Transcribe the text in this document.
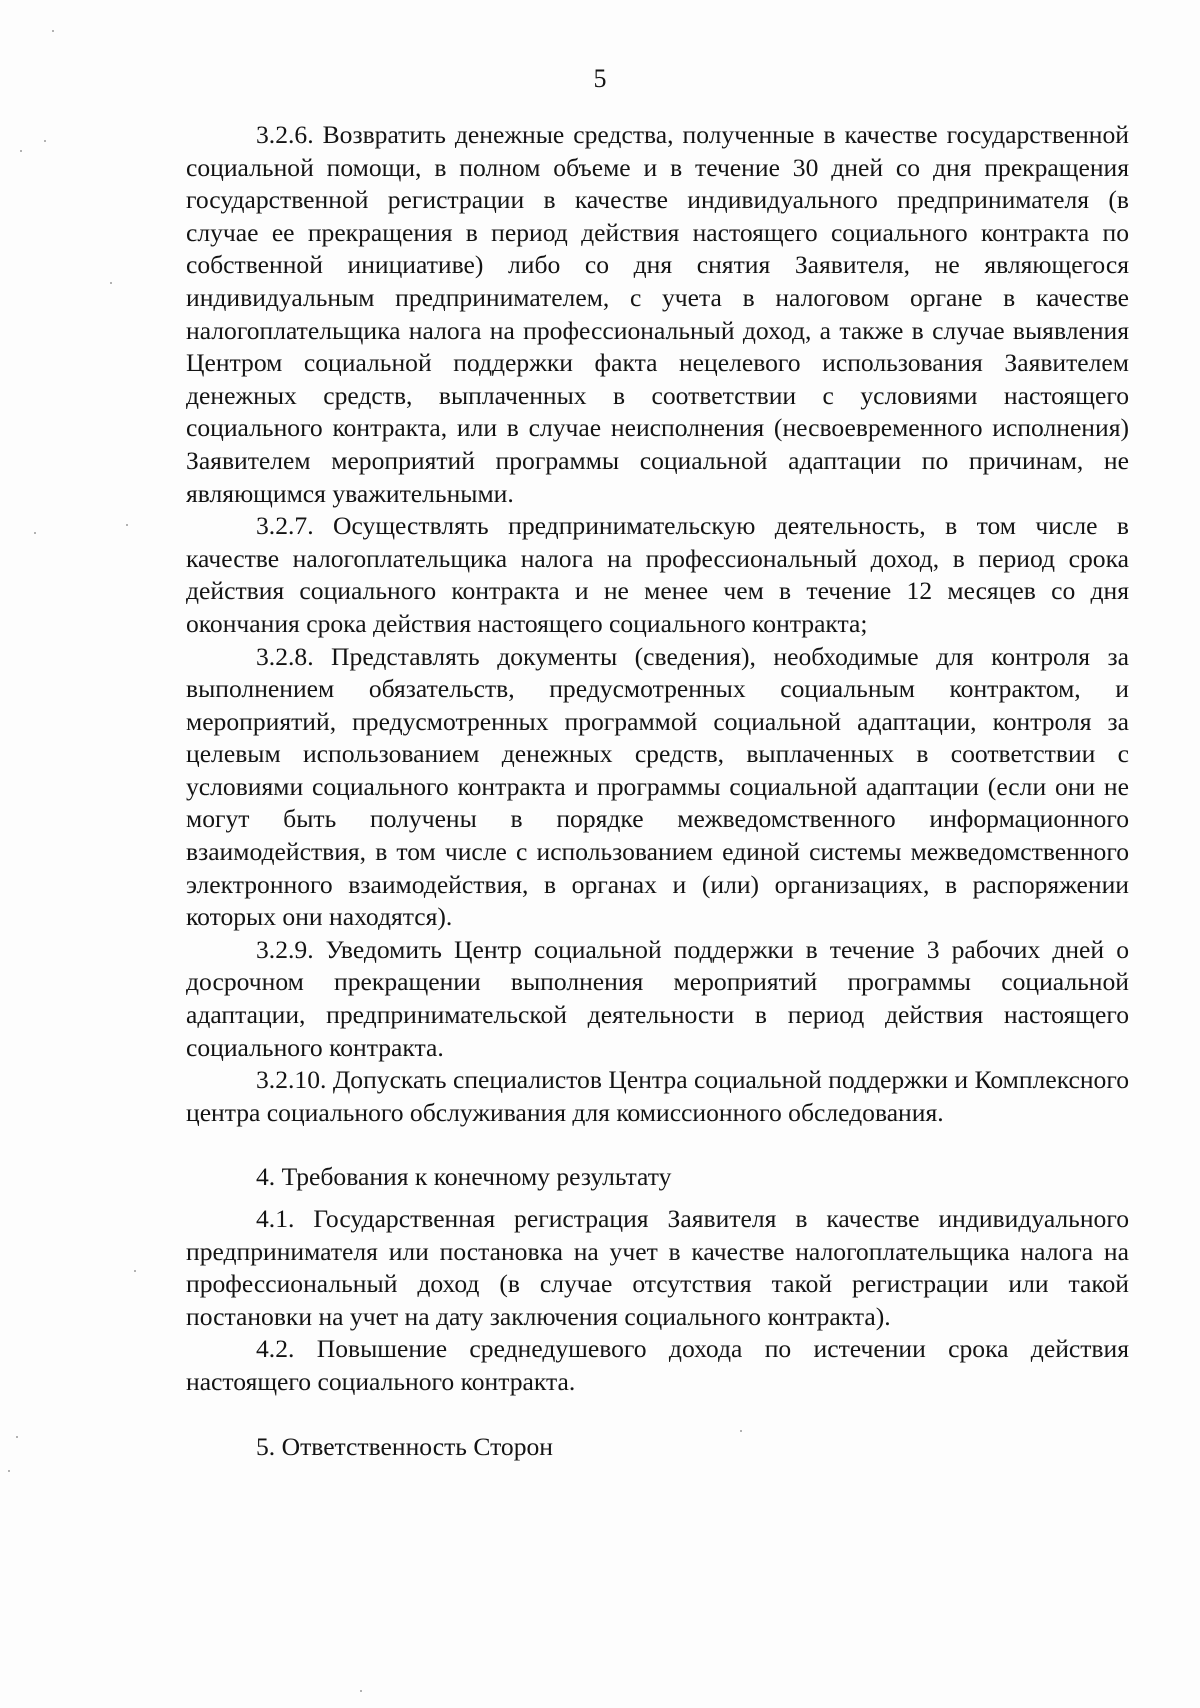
5

3.2.6. Возвратить денежные средства, полученные в качестве государственной социальной помощи, в полном объеме и в течение 30 дней со дня прекращения государственной регистрации в качестве индивидуального предпринимателя (в случае ее прекращения в период действия настоящего социального контракта по собственной инициативе) либо со дня снятия Заявителя, не являющегося индивидуальным предпринимателем, с учета в налоговом органе в качестве налогоплательщика налога на профессиональный доход, а также в случае выявления Центром социальной поддержки факта нецелевого использования Заявителем денежных средств, выплаченных в соответствии с условиями настоящего социального контракта, или в случае неисполнения (несвоевременного исполнения) Заявителем мероприятий программы социальной адаптации по причинам, не являющимся уважительными.

3.2.7. Осуществлять предпринимательскую деятельность, в том числе в качестве налогоплательщика налога на профессиональный доход, в период срока действия социального контракта и не менее чем в течение 12 месяцев со дня окончания срока действия настоящего социального контракта;

3.2.8. Представлять документы (сведения), необходимые для контроля за выполнением обязательств, предусмотренных социальным контрактом, и мероприятий, предусмотренных программой социальной адаптации, контроля за целевым использованием денежных средств, выплаченных в соответствии с условиями социального контракта и программы социальной адаптации (если они не могут быть получены в порядке межведомственного информационного взаимодействия, в том числе с использованием единой системы межведомственного электронного взаимодействия, в органах и (или) организациях, в распоряжении которых они находятся).

3.2.9. Уведомить Центр социальной поддержки в течение 3 рабочих дней о досрочном прекращении выполнения мероприятий программы социальной адаптации, предпринимательской деятельности в период действия настоящего социального контракта.

3.2.10. Допускать специалистов Центра социальной поддержки и Комплексного центра социального обслуживания для комиссионного обследования.

4. Требования к конечному результату

4.1. Государственная регистрация Заявителя в качестве индивидуального предпринимателя или постановка на учет в качестве налогоплательщика налога на профессиональный доход (в случае отсутствия такой регистрации или такой постановки на учет на дату заключения социального контракта).

4.2. Повышение среднедушевого дохода по истечении срока действия настоящего социального контракта.

5. Ответственность Сторон
